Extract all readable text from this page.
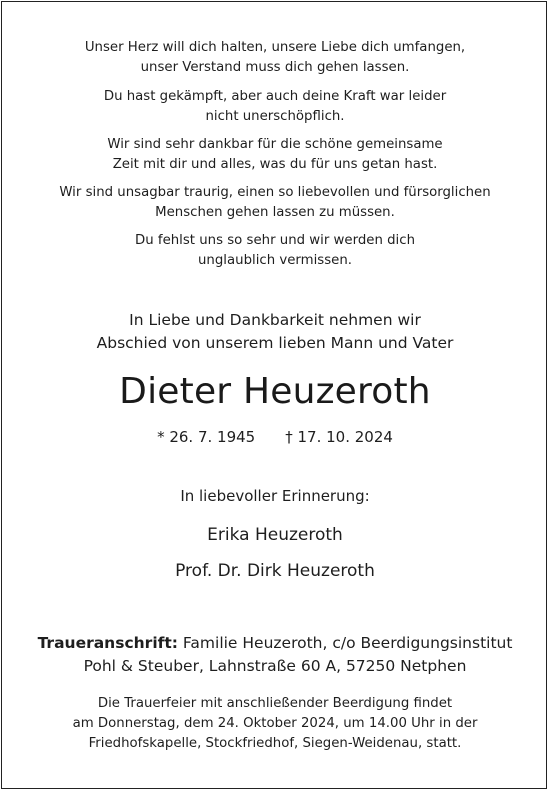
Unser Herz will dich halten, unsere Liebe dich umfangen,
unser Verstand muss dich gehen lassen.
Du hast gekämpft, aber auch deine Kraft war leider
nicht unerschöpflich.
Wir sind sehr dankbar für die schöne gemeinsame
Zeit mit dir und alles, was du für uns getan hast.
Wir sind unsagbar traurig, einen so liebevollen und fürsorglichen
Menschen gehen lassen zu müssen.
Du fehlst uns so sehr und wir werden dich
unglaublich vermissen.
In Liebe und Dankbarkeit nehmen wir
Abschied von unserem lieben Mann und Vater
Dieter Heuzeroth
* 26. 7. 1945 † 17. 10. 2024
In liebevoller Erinnerung:
Erika Heuzeroth
Prof. Dr. Dirk Heuzeroth
Traueranschrift: Familie Heuzeroth, c/o Beerdigungsinstitut
Pohl & Steuber, Lahnstraße 60 A, 57250 Netphen
Die Trauerfeier mit anschließender Beerdigung findet
am Donnerstag, dem 24. Oktober 2024, um 14.00 Uhr in der
Friedhofskapelle, Stockfriedhof, Siegen-Weidenau, statt.
